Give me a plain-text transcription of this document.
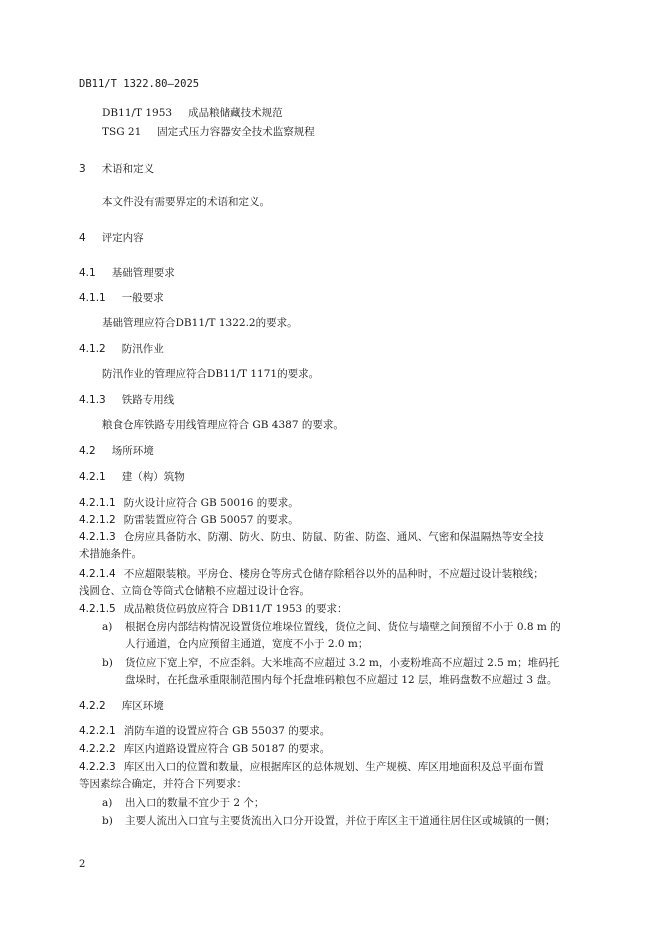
DB11/T 1322.80—2025
DB11/T 1953 成品粮储藏技术规范
TSG 21 固定式压力容器安全技术监察规程
3 术语和定义
本文件没有需要界定的术语和定义。
4 评定内容
4.1 基础管理要求
4.1.1 一般要求
基础管理应符合DB11/T 1322.2的要求。
4.1.2 防汛作业
防汛作业的管理应符合DB11/T 1171的要求。
4.1.3 铁路专用线
粮食仓库铁路专用线管理应符合 GB 4387 的要求。
4.2 场所环境
4.2.1 建（构）筑物
4.2.1.1 防火设计应符合 GB 50016 的要求。
4.2.1.2 防雷装置应符合 GB 50057 的要求。
4.2.1.3 仓房应具备防水、防潮、防火、防虫、防鼠、防雀、防盗、通风、气密和保温隔热等安全技
术措施条件。
4.2.1.4 不应超限装粮。平房仓、楼房仓等房式仓储存除稻谷以外的品种时，不应超过设计装粮线；
浅圆仓、立筒仓等筒式仓储粮不应超过设计仓容。
4.2.1.5 成品粮货位码放应符合 DB11/T 1953 的要求：
a) 根据仓房内部结构情况设置货位堆垛位置线，货位之间、货位与墙壁之间预留不小于 0.8 m 的
人行通道，仓内应预留主通道，宽度不小于 2.0 m；
b) 货位应下宽上窄，不应歪斜。大米堆高不应超过 3.2 m，小麦粉堆高不应超过 2.5 m；堆码托
盘垛时，在托盘承重限制范围内每个托盘堆码粮包不应超过 12 层，堆码盘数不应超过 3 盘。
4.2.2 库区环境
4.2.2.1 消防车道的设置应符合 GB 55037 的要求。
4.2.2.2 库区内道路设置应符合 GB 50187 的要求。
4.2.2.3 库区出入口的位置和数量，应根据库区的总体规划、生产规模、库区用地面积及总平面布置
等因素综合确定，并符合下列要求：
a) 出入口的数量不宜少于 2 个；
b) 主要人流出入口宜与主要货流出入口分开设置，并位于库区主干道通往居住区或城镇的一侧；
2
